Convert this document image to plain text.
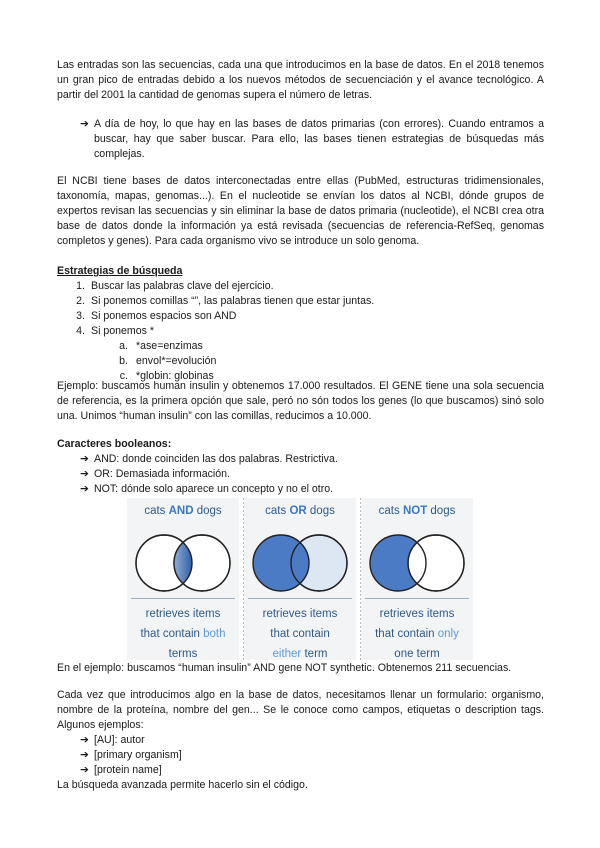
Las entradas son las secuencias, cada una que introducimos en la base de datos. En el 2018 tenemos un gran pico de entradas debido a los nuevos métodos de secuenciación y el avance tecnológico. A partir del 2001 la cantidad de genomas supera el número de letras.

➔ A día de hoy, lo que hay en las bases de datos primarias (con errores). Cuando entramos a buscar, hay que saber buscar. Para ello, las bases tienen estrategias de búsquedas más complejas.

El NCBI tiene bases de datos interconectadas entre ellas (PubMed, estructuras tridimensionales, taxonomía, mapas, genomas...). En el nucleotide se envían los datos al NCBI, dónde grupos de expertos revisan las secuencias y sin eliminar la base de datos primaria (nucleotide), el NCBI crea otra base de datos donde la información ya está revisada (secuencias de referencia-RefSeq, genomas completos y genes). Para cada organismo vivo se introduce un solo genoma.

Estrategias de búsqueda
1. Buscar las palabras clave del ejercicio.
2. Si ponemos comillas “”, las palabras tienen que estar juntas.
3. Si ponemos espacios son AND
4. Si ponemos *
a. *ase=enzimas
b. envol*=evolución
c. *globin: globinas

Ejemplo: buscamos human insulin y obtenemos 17.000 resultados. El GENE tiene una sola secuencia de referencia, es la primera opción que sale, peró no són todos los genes (lo que buscamos) sinó solo una. Unimos “human insulin” con las comillas, reducimos a 10.000.

Caracteres booleanos:
➔ AND: donde coinciden las dos palabras. Restrictiva.
➔ OR: Demasiada información.
➔ NOT: dónde solo aparece un concepto y no el otro.
cats AND dogs
retrieves items
that contain both
terms
cats OR dogs
retrieves items
that contain
either term
cats NOT dogs
retrieves items
that contain only
one term

En el ejemplo: buscamos “human insulin” AND gene NOT synthetic. Obtenemos 211 secuencias.

Cada vez que introducimos algo en la base de datos, necesitamos llenar un formulario: organismo, nombre de la proteína, nombre del gen... Se le conoce como campos, etiquetas o description tags. Algunos ejemplos:

➔ [AU]: autor
➔ [primary organism]
➔ [protein name]

La búsqueda avanzada permite hacerlo sin el código.
